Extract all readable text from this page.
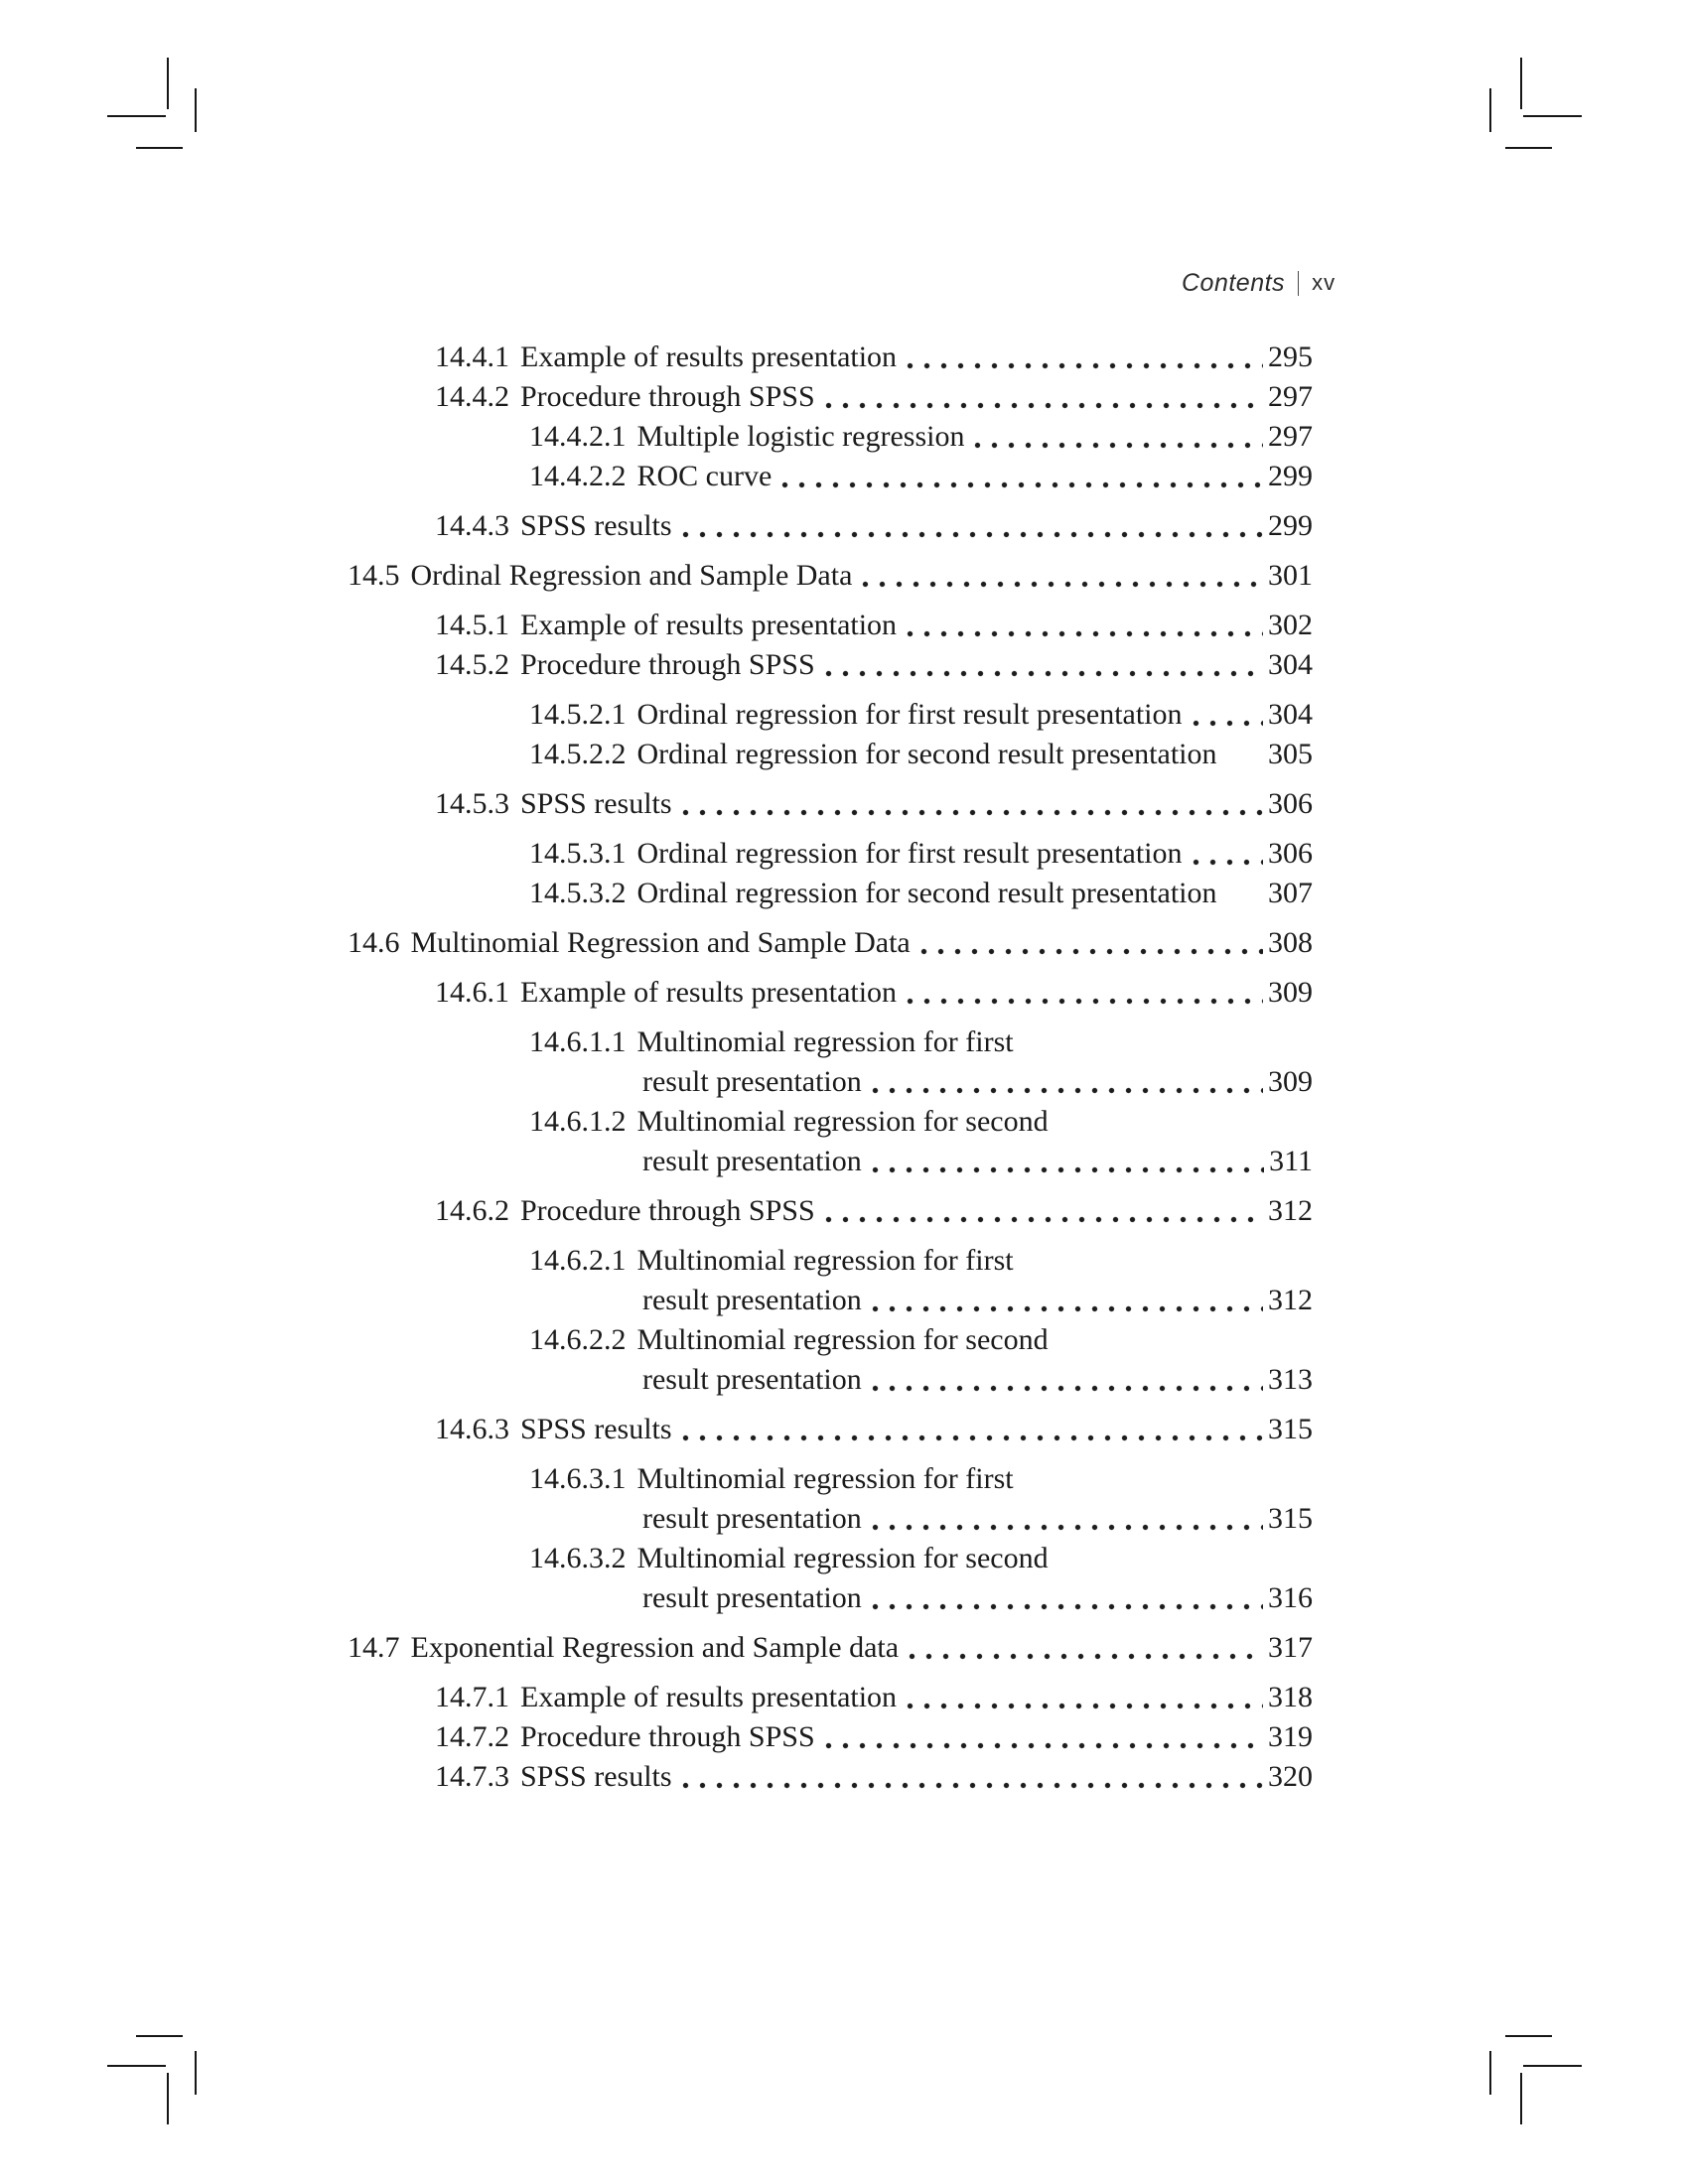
Contents xv
14.4.1 Example of results presentation	295
14.4.2 Procedure through SPSS	297
14.4.2.1 Multiple logistic regression	297
14.4.2.2 ROC curve	299
14.4.3 SPSS results	299
14.5 Ordinal Regression and Sample Data	301
14.5.1 Example of results presentation	302
14.5.2 Procedure through SPSS	304
14.5.2.1 Ordinal regression for first result presentation	304
14.5.2.2 Ordinal regression for second result presentation 305
14.5.3 SPSS results	306
14.5.3.1 Ordinal regression for first result presentation	306
14.5.3.2 Ordinal regression for second result presentation 307
14.6 Multinomial Regression and Sample Data	308
14.6.1 Example of results presentation	309
14.6.1.1 Multinomial regression for first
result presentation	309
14.6.1.2 Multinomial regression for second
result presentation	311
14.6.2 Procedure through SPSS	312
14.6.2.1 Multinomial regression for first
result presentation	312
14.6.2.2 Multinomial regression for second
result presentation	313
14.6.3 SPSS results	315
14.6.3.1 Multinomial regression for first
result presentation	315
14.6.3.2 Multinomial regression for second
result presentation	316
14.7 Exponential Regression and Sample data	317
14.7.1 Example of results presentation	318
14.7.2 Procedure through SPSS	319
14.7.3 SPSS results	320
